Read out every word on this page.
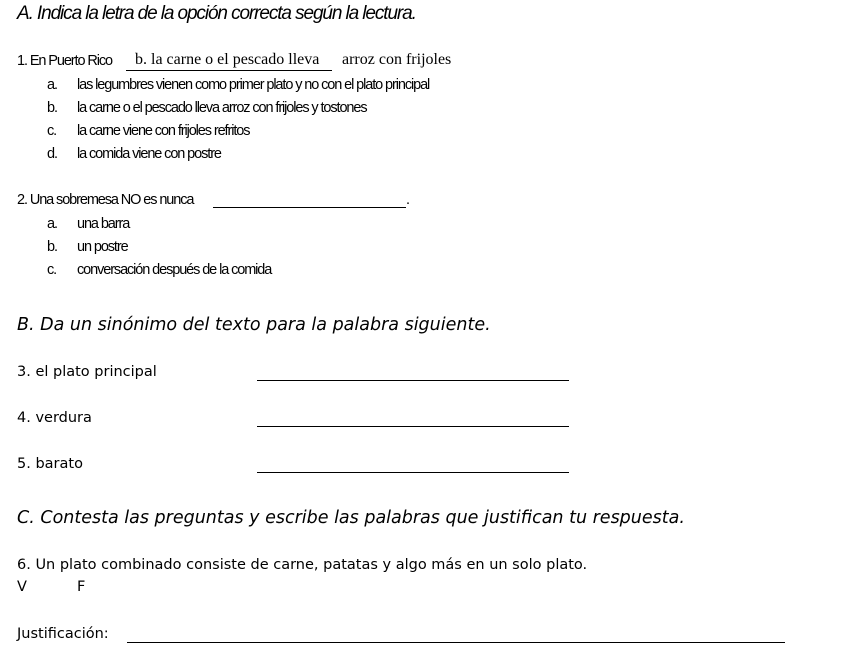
A. Indica la letra de la opción correcta según la lectura.
1. En Puerto Rico b. la carne o el pescado lleva arroz con frijoles
a. las legumbres vienen como primer plato y no con el plato principal
b. la carne o el pescado lleva arroz con frijoles y tostones
c. la carne viene con frijoles refritos
d. la comida viene con postre
2. Una sobremesa NO es nunca	.
a. una barra
b. un postre
c. conversación después de la comida
B. Da un sinónimo del texto para la palabra siguiente.
3. el plato principal
4. verdura
5. barato
C. Contesta las preguntas y escribe las palabras que justifican tu respuesta.
6. Un plato combinado consiste de carne, patatas y algo más en un solo plato.
V	F
Justificación:
